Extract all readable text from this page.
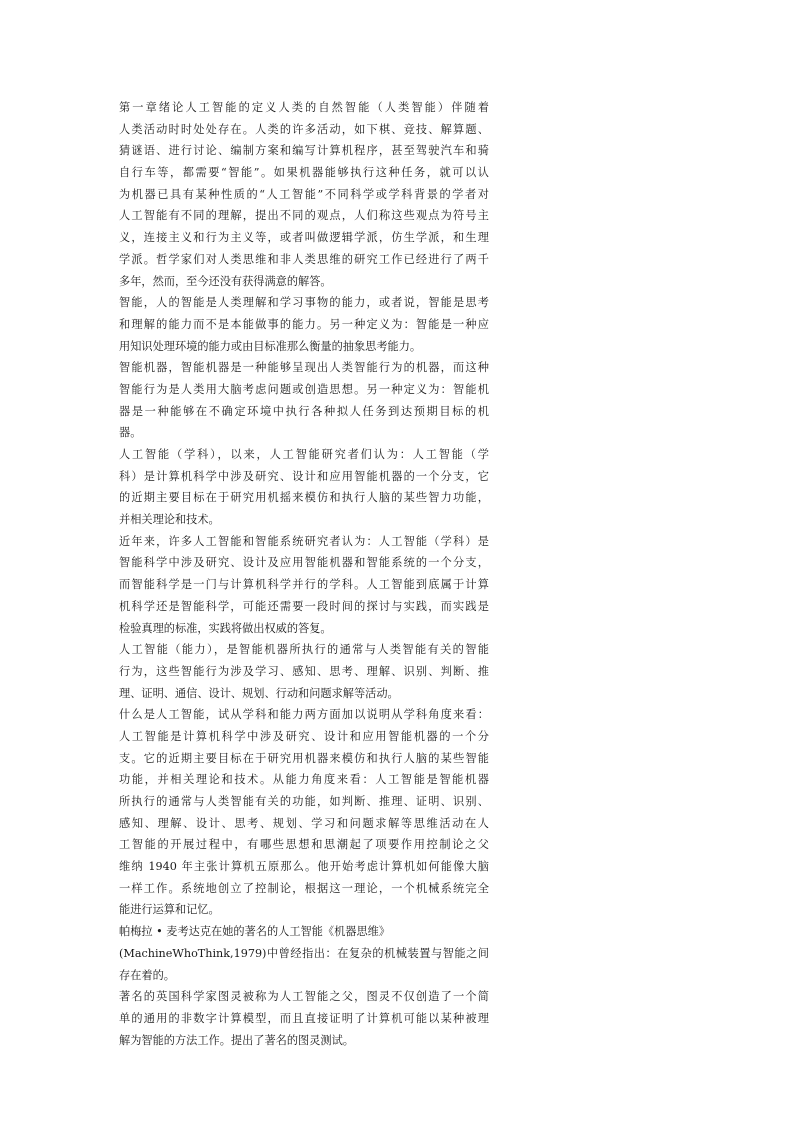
第一章绪论人工智能的定义人类的自然智能（人类智能）伴随着
人类活动时时处处存在。人类的许多活动，如下棋、竞技、解算题、
猜谜语、进行讨论、编制方案和编写计算机程序，甚至驾驶汽车和骑
自行车等，都需要“智能”。如果机器能够执行这种任务，就可以认
为机器已具有某种性质的“人工智能”不同科学或学科背景的学者对
人工智能有不同的理解，提出不同的观点，人们称这些观点为符号主
义，连接主义和行为主义等，或者叫做逻辑学派，仿生学派，和生理
学派。哲学家们对人类思维和非人类思维的研究工作已经进行了两千
多年，然而，至今还没有获得满意的解答。
智能，人的智能是人类理解和学习事物的能力，或者说，智能是思考
和理解的能力而不是本能做事的能力。另一种定义为：智能是一种应
用知识处理环境的能力或由目标准那么衡量的抽象思考能力。
智能机器，智能机器是一种能够呈现出人类智能行为的机器，而这种
智能行为是人类用大脑考虑问题或创造思想。另一种定义为：智能机
器是一种能够在不确定环境中执行各种拟人任务到达预期目标的机
器。
人工智能（学科），以来，人工智能研究者们认为：人工智能（学
科）是计算机科学中涉及研究、设计和应用智能机器的一个分支，它
的近期主要目标在于研究用机摇来模仿和执行人脑的某些智力功能，
并相关理论和技术。
近年来，许多人工智能和智能系统研究者认为：人工智能（学科）是
智能科学中涉及研究、设计及应用智能机器和智能系统的一个分支，
而智能科学是一门与计算机科学并行的学科。人工智能到底属于计算
机科学还是智能科学，可能还需要一段时间的探讨与实践，而实践是
检验真理的标准，实践将做出权威的答复。
人工智能（能力），是智能机器所执行的通常与人类智能有关的智能
行为，这些智能行为涉及学习、感知、思考、理解、识别、判断、推
理、证明、通信、设计、规划、行动和问题求解等活动。
什么是人工智能，试从学科和能力两方面加以说明从学科角度来看：
人工智能是计算机科学中涉及研究、设计和应用智能机器的一个分
支。它的近期主要目标在于研究用机器来模仿和执行人脑的某些智能
功能，并相关理论和技术。从能力角度来看：人工智能是智能机器
所执行的通常与人类智能有关的功能，如判断、推理、证明、识别、
感知、理解、设计、思考、规划、学习和问题求解等思维活动在人
工智能的开展过程中，有哪些思想和思潮起了项要作用控制论之父
维纳 1940 年主张计算机五原那么。他开始考虑计算机如何能像大脑
一样工作。系统地创立了控制论，根据这一理论，一个机械系统完全
能进行运算和记忆。
帕梅拉 • 麦考达克在她的著名的人工智能《机器思维》
(MachineWhoThink,1979)中曾经指出：在复杂的机械装置与智能之间
存在着的。
著名的英国科学家图灵被称为人工智能之父，图灵不仅创造了一个简
单的通用的非数字计算模型，而且直接证明了计算机可能以某种被理
解为智能的方法工作。提出了著名的图灵测试。
